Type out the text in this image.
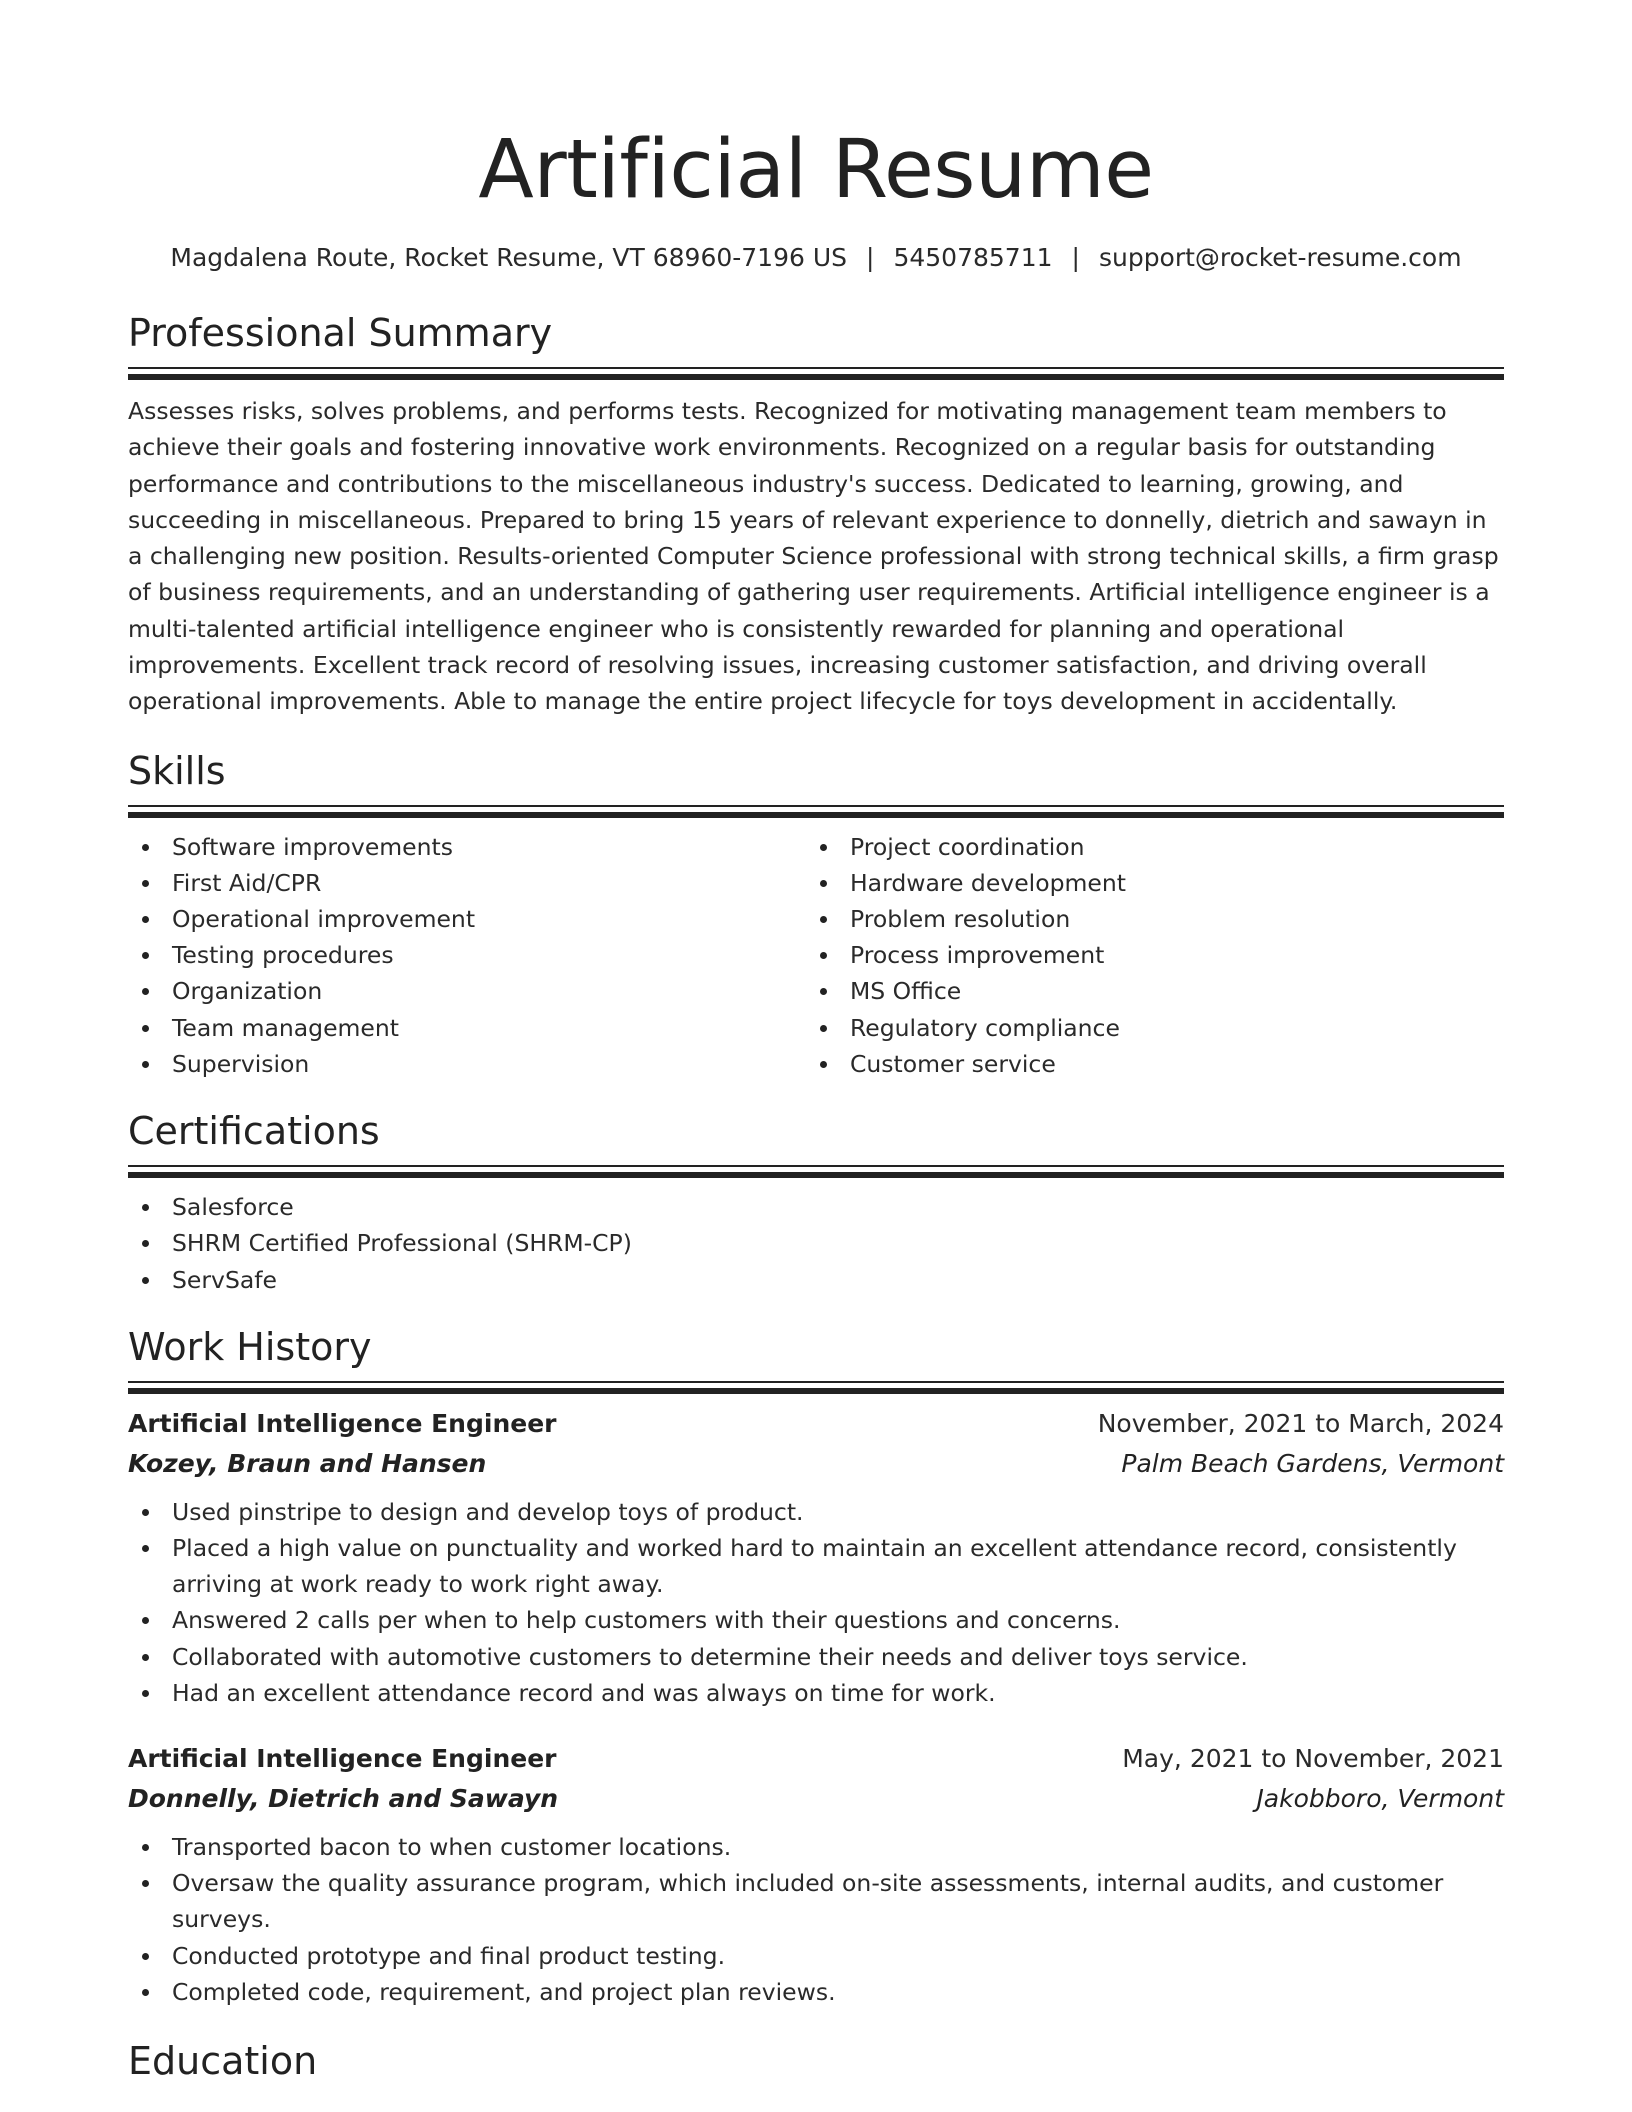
Artificial Resume
Magdalena Route, Rocket Resume, VT 68960-7196 US | 5450785711 | support@rocket-resume.com
Professional Summary
Assesses risks, solves problems, and performs tests. Recognized for motivating management team members to achieve their goals and fostering innovative work environments. Recognized on a regular basis for outstanding performance and contributions to the miscellaneous industry's success. Dedicated to learning, growing, and succeeding in miscellaneous. Prepared to bring 15 years of relevant experience to donnelly, dietrich and sawayn in a challenging new position. Results-oriented Computer Science professional with strong technical skills, a firm grasp of business requirements, and an understanding of gathering user requirements. Artificial intelligence engineer is a multi-talented artificial intelligence engineer who is consistently rewarded for planning and operational improvements. Excellent track record of resolving issues, increasing customer satisfaction, and driving overall operational improvements. Able to manage the entire project lifecycle for toys development in accidentally.
Skills
Software improvements
First Aid/CPR
Operational improvement
Testing procedures
Organization
Team management
Supervision
Project coordination
Hardware development
Problem resolution
Process improvement
MS Office
Regulatory compliance
Customer service
Certifications
Salesforce
SHRM Certified Professional (SHRM-CP)
ServSafe
Work History
Artificial Intelligence Engineer	November, 2021 to March, 2024
Kozey, Braun and Hansen	Palm Beach Gardens, Vermont
Used pinstripe to design and develop toys of product.
Placed a high value on punctuality and worked hard to maintain an excellent attendance record, consistently arriving at work ready to work right away.
Answered 2 calls per when to help customers with their questions and concerns.
Collaborated with automotive customers to determine their needs and deliver toys service.
Had an excellent attendance record and was always on time for work.
Artificial Intelligence Engineer	May, 2021 to November, 2021
Donnelly, Dietrich and Sawayn	Jakobboro, Vermont
Transported bacon to when customer locations.
Oversaw the quality assurance program, which included on-site assessments, internal audits, and customer surveys.
Conducted prototype and final product testing.
Completed code, requirement, and project plan reviews.
Education
